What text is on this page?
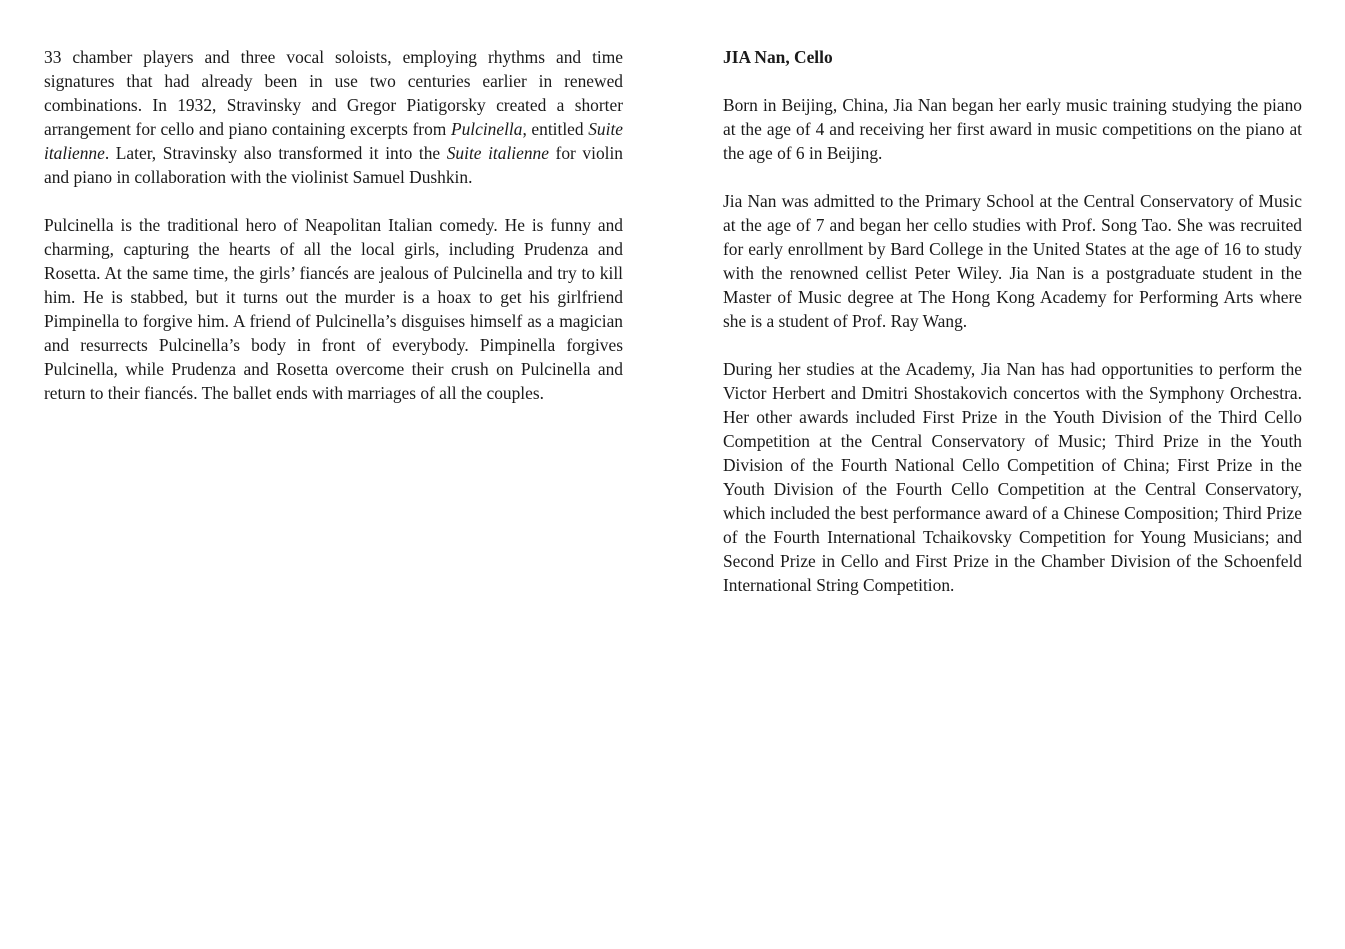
33 chamber players and three vocal soloists, employing rhythms and time signatures that had already been in use two centuries earlier in renewed combinations. In 1932, Stravinsky and Gregor Piatigorsky created a shorter arrangement for cello and piano containing excerpts from Pulcinella, entitled Suite italienne. Later, Stravinsky also transformed it into the Suite italienne for violin and piano in collaboration with the violinist Samuel Dushkin.

Pulcinella is the traditional hero of Neapolitan Italian comedy. He is funny and charming, capturing the hearts of all the local girls, including Prudenza and Rosetta. At the same time, the girls’ fiancés are jealous of Pulcinella and try to kill him. He is stabbed, but it turns out the murder is a hoax to get his girlfriend Pimpinella to forgive him. A friend of Pulcinella’s disguises himself as a magician and resurrects Pulcinella’s body in front of everybody. Pimpinella forgives Pulcinella, while Prudenza and Rosetta overcome their crush on Pulcinella and return to their fiancés. The ballet ends with marriages of all the couples.

JIA Nan, Cello

Born in Beijing, China, Jia Nan began her early music training studying the piano at the age of 4 and receiving her first award in music competitions on the piano at the age of 6 in Beijing.

Jia Nan was admitted to the Primary School at the Central Conservatory of Music at the age of 7 and began her cello studies with Prof. Song Tao. She was recruited for early enrollment by Bard College in the United States at the age of 16 to study with the renowned cellist Peter Wiley. Jia Nan is a postgraduate student in the Master of Music degree at The Hong Kong Academy for Performing Arts where she is a student of Prof. Ray Wang.

During her studies at the Academy, Jia Nan has had opportunities to perform the Victor Herbert and Dmitri Shostakovich concertos with the Symphony Orchestra. Her other awards included First Prize in the Youth Division of the Third Cello Competition at the Central Conservatory of Music; Third Prize in the Youth Division of the Fourth National Cello Competition of China; First Prize in the Youth Division of the Fourth Cello Competition at the Central Conservatory, which included the best performance award of a Chinese Composition; Third Prize of the Fourth International Tchaikovsky Competition for Young Musicians; and Second Prize in Cello and First Prize in the Chamber Division of the Schoenfeld International String Competition.
